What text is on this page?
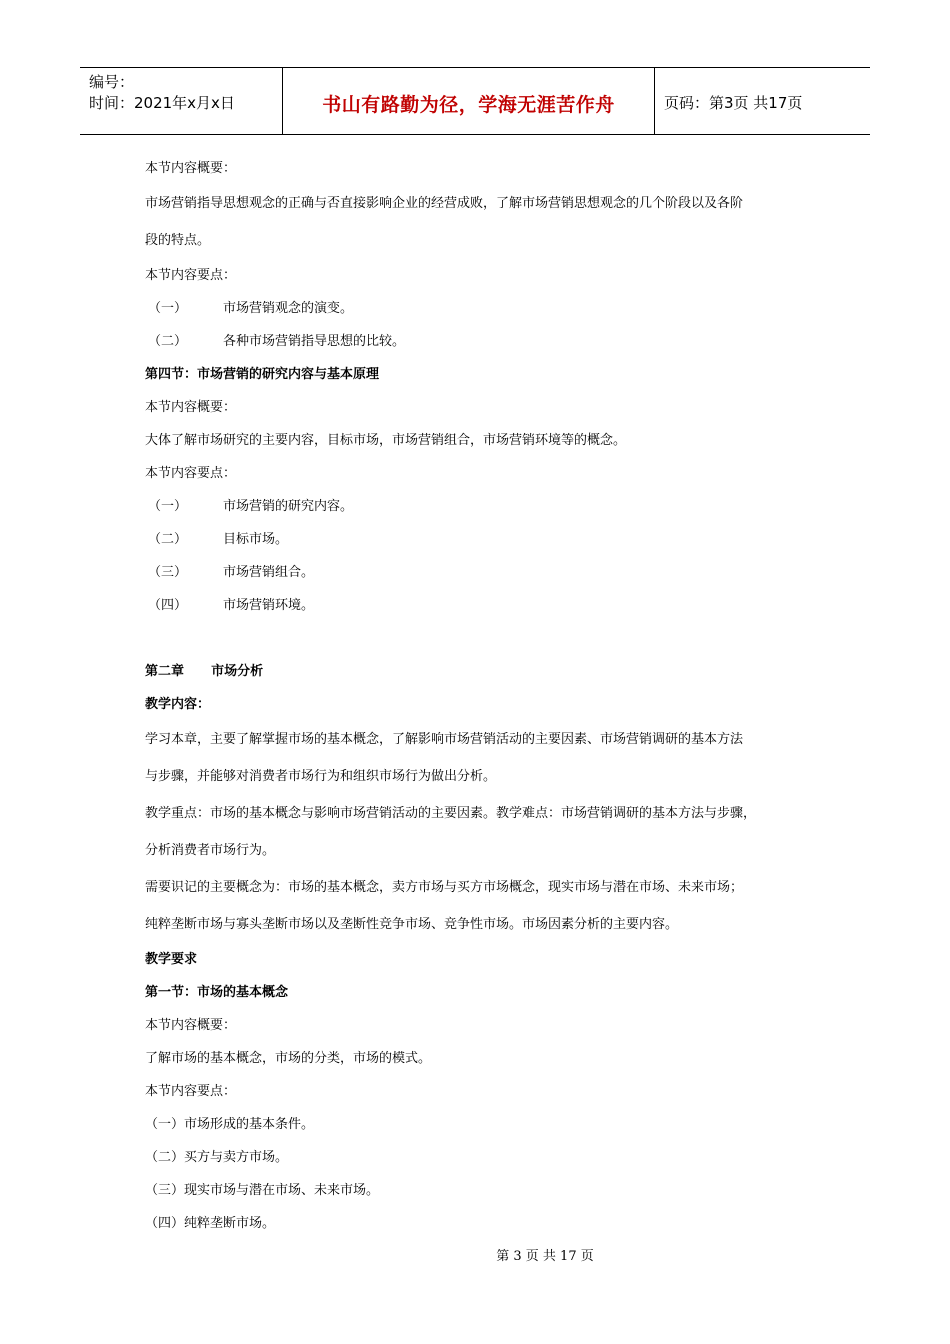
编号：
时间：2021年x月x日	书山有路勤为径，学海无涯苦作舟	页码：第3页 共17页
本节内容概要：
市场营销指导思想观念的正确与否直接影响企业的经营成败，了解市场营销思想观念的几个阶段以及各阶
段的特点。
本节内容要点：
（一）	市场营销观念的演变。
（二）	各种市场营销指导思想的比较。
第四节：市场营销的研究内容与基本原理
本节内容概要：
大体了解市场研究的主要内容，目标市场，市场营销组合，市场营销环境等的概念。
本节内容要点：
（一）	市场营销的研究内容。
（二）	目标市场。
（三）	市场营销组合。
（四）	市场营销环境。
第二章      市场分析
教学内容：
学习本章，主要了解掌握市场的基本概念，了解影响市场营销活动的主要因素、市场营销调研的基本方法
与步骤，并能够对消费者市场行为和组织市场行为做出分析。
教学重点：市场的基本概念与影响市场营销活动的主要因素。教学难点：市场营销调研的基本方法与步骤，
分析消费者市场行为。
需要识记的主要概念为：市场的基本概念，卖方市场与买方市场概念，现实市场与潜在市场、未来市场；
纯粹垄断市场与寡头垄断市场以及垄断性竞争市场、竞争性市场。市场因素分析的主要内容。
教学要求
第一节：市场的基本概念
本节内容概要：
了解市场的基本概念，市场的分类，市场的模式。
本节内容要点：
（一）市场形成的基本条件。
（二）买方与卖方市场。
（三）现实市场与潜在市场、未来市场。
（四）纯粹垄断市场。
第 3 页 共 17 页
